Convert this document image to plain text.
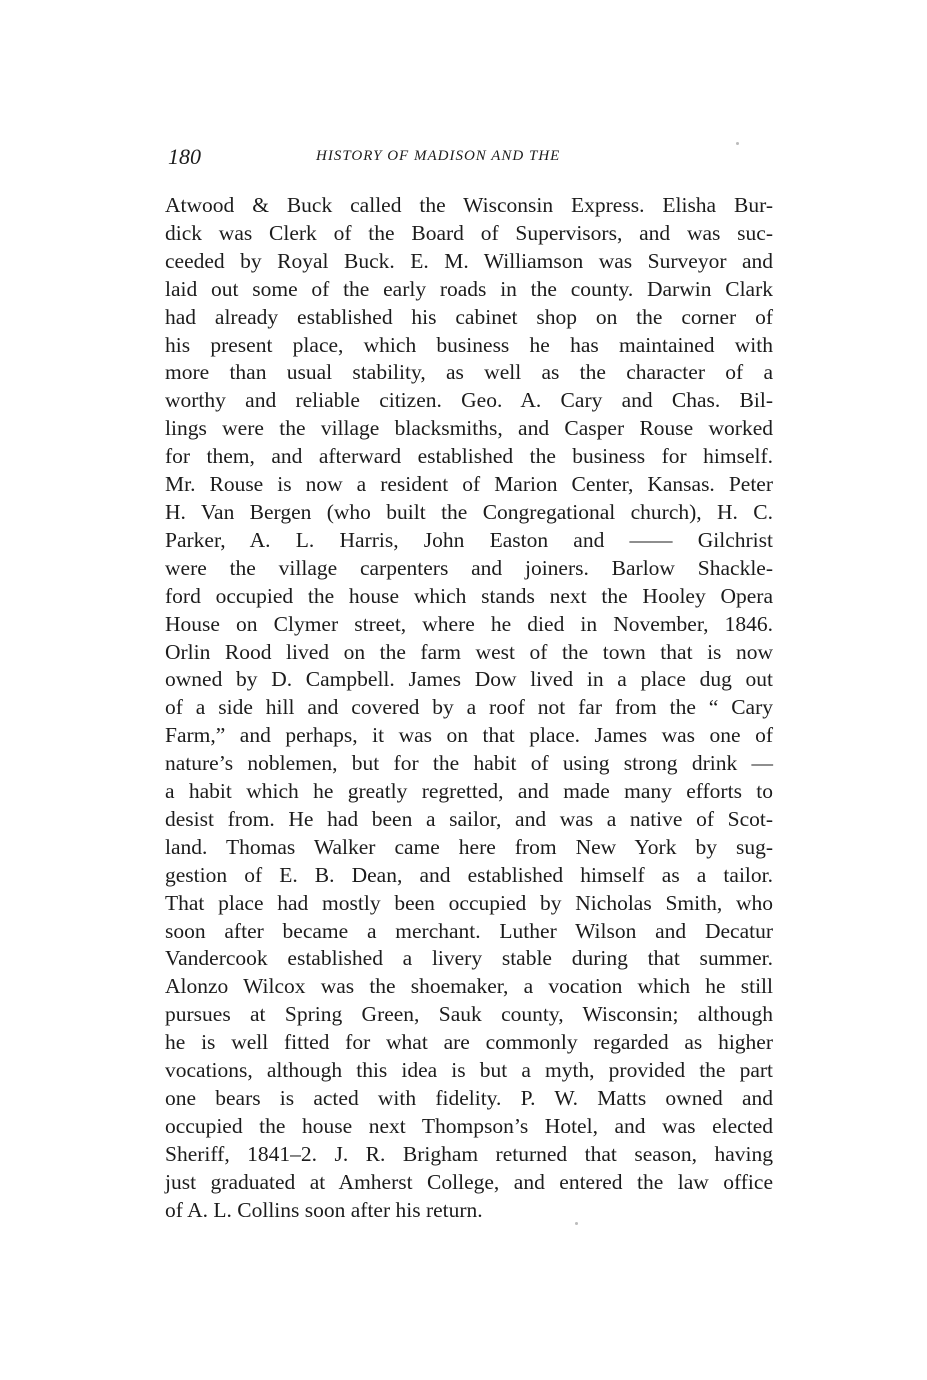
180	HISTORY OF MADISON AND THE
Atwood & Buck called the Wisconsin Express. Elisha Bur-
dick was Clerk of the Board of Supervisors, and was suc-
ceeded by Royal Buck. E. M. Williamson was Surveyor and
laid out some of the early roads in the county. Darwin Clark
had already established his cabinet shop on the corner of
his present place, which business he has maintained with
more than usual stability, as well as the character of a
worthy and reliable citizen. Geo. A. Cary and Chas. Bil-
lings were the village blacksmiths, and Casper Rouse worked
for them, and afterward established the business for himself.
Mr. Rouse is now a resident of Marion Center, Kansas. Peter
H. Van Bergen (who built the Congregational church), H. C.
Parker, A. L. Harris, John Easton and —— Gilchrist
were the village carpenters and joiners. Barlow Shackle-
ford occupied the house which stands next the Hooley Opera
House on Clymer street, where he died in November, 1846.
Orlin Rood lived on the farm west of the town that is now
owned by D. Campbell. James Dow lived in a place dug out
of a side hill and covered by a roof not far from the “ Cary
Farm,” and perhaps, it was on that place. James was one of
nature’s noblemen, but for the habit of using strong drink —
a habit which he greatly regretted, and made many efforts to
desist from. He had been a sailor, and was a native of Scot-
land. Thomas Walker came here from New York by sug-
gestion of E. B. Dean, and established himself as a tailor.
That place had mostly been occupied by Nicholas Smith, who
soon after became a merchant. Luther Wilson and Decatur
Vandercook established a livery stable during that summer.
Alonzo Wilcox was the shoemaker, a vocation which he still
pursues at Spring Green, Sauk county, Wisconsin; although
he is well fitted for what are commonly regarded as higher
vocations, although this idea is but a myth, provided the part
one bears is acted with fidelity. P. W. Matts owned and
occupied the house next Thompson’s Hotel, and was elected
Sheriff, 1841–2. J. R. Brigham returned that season, having
just graduated at Amherst College, and entered the law office
of A. L. Collins soon after his return.
